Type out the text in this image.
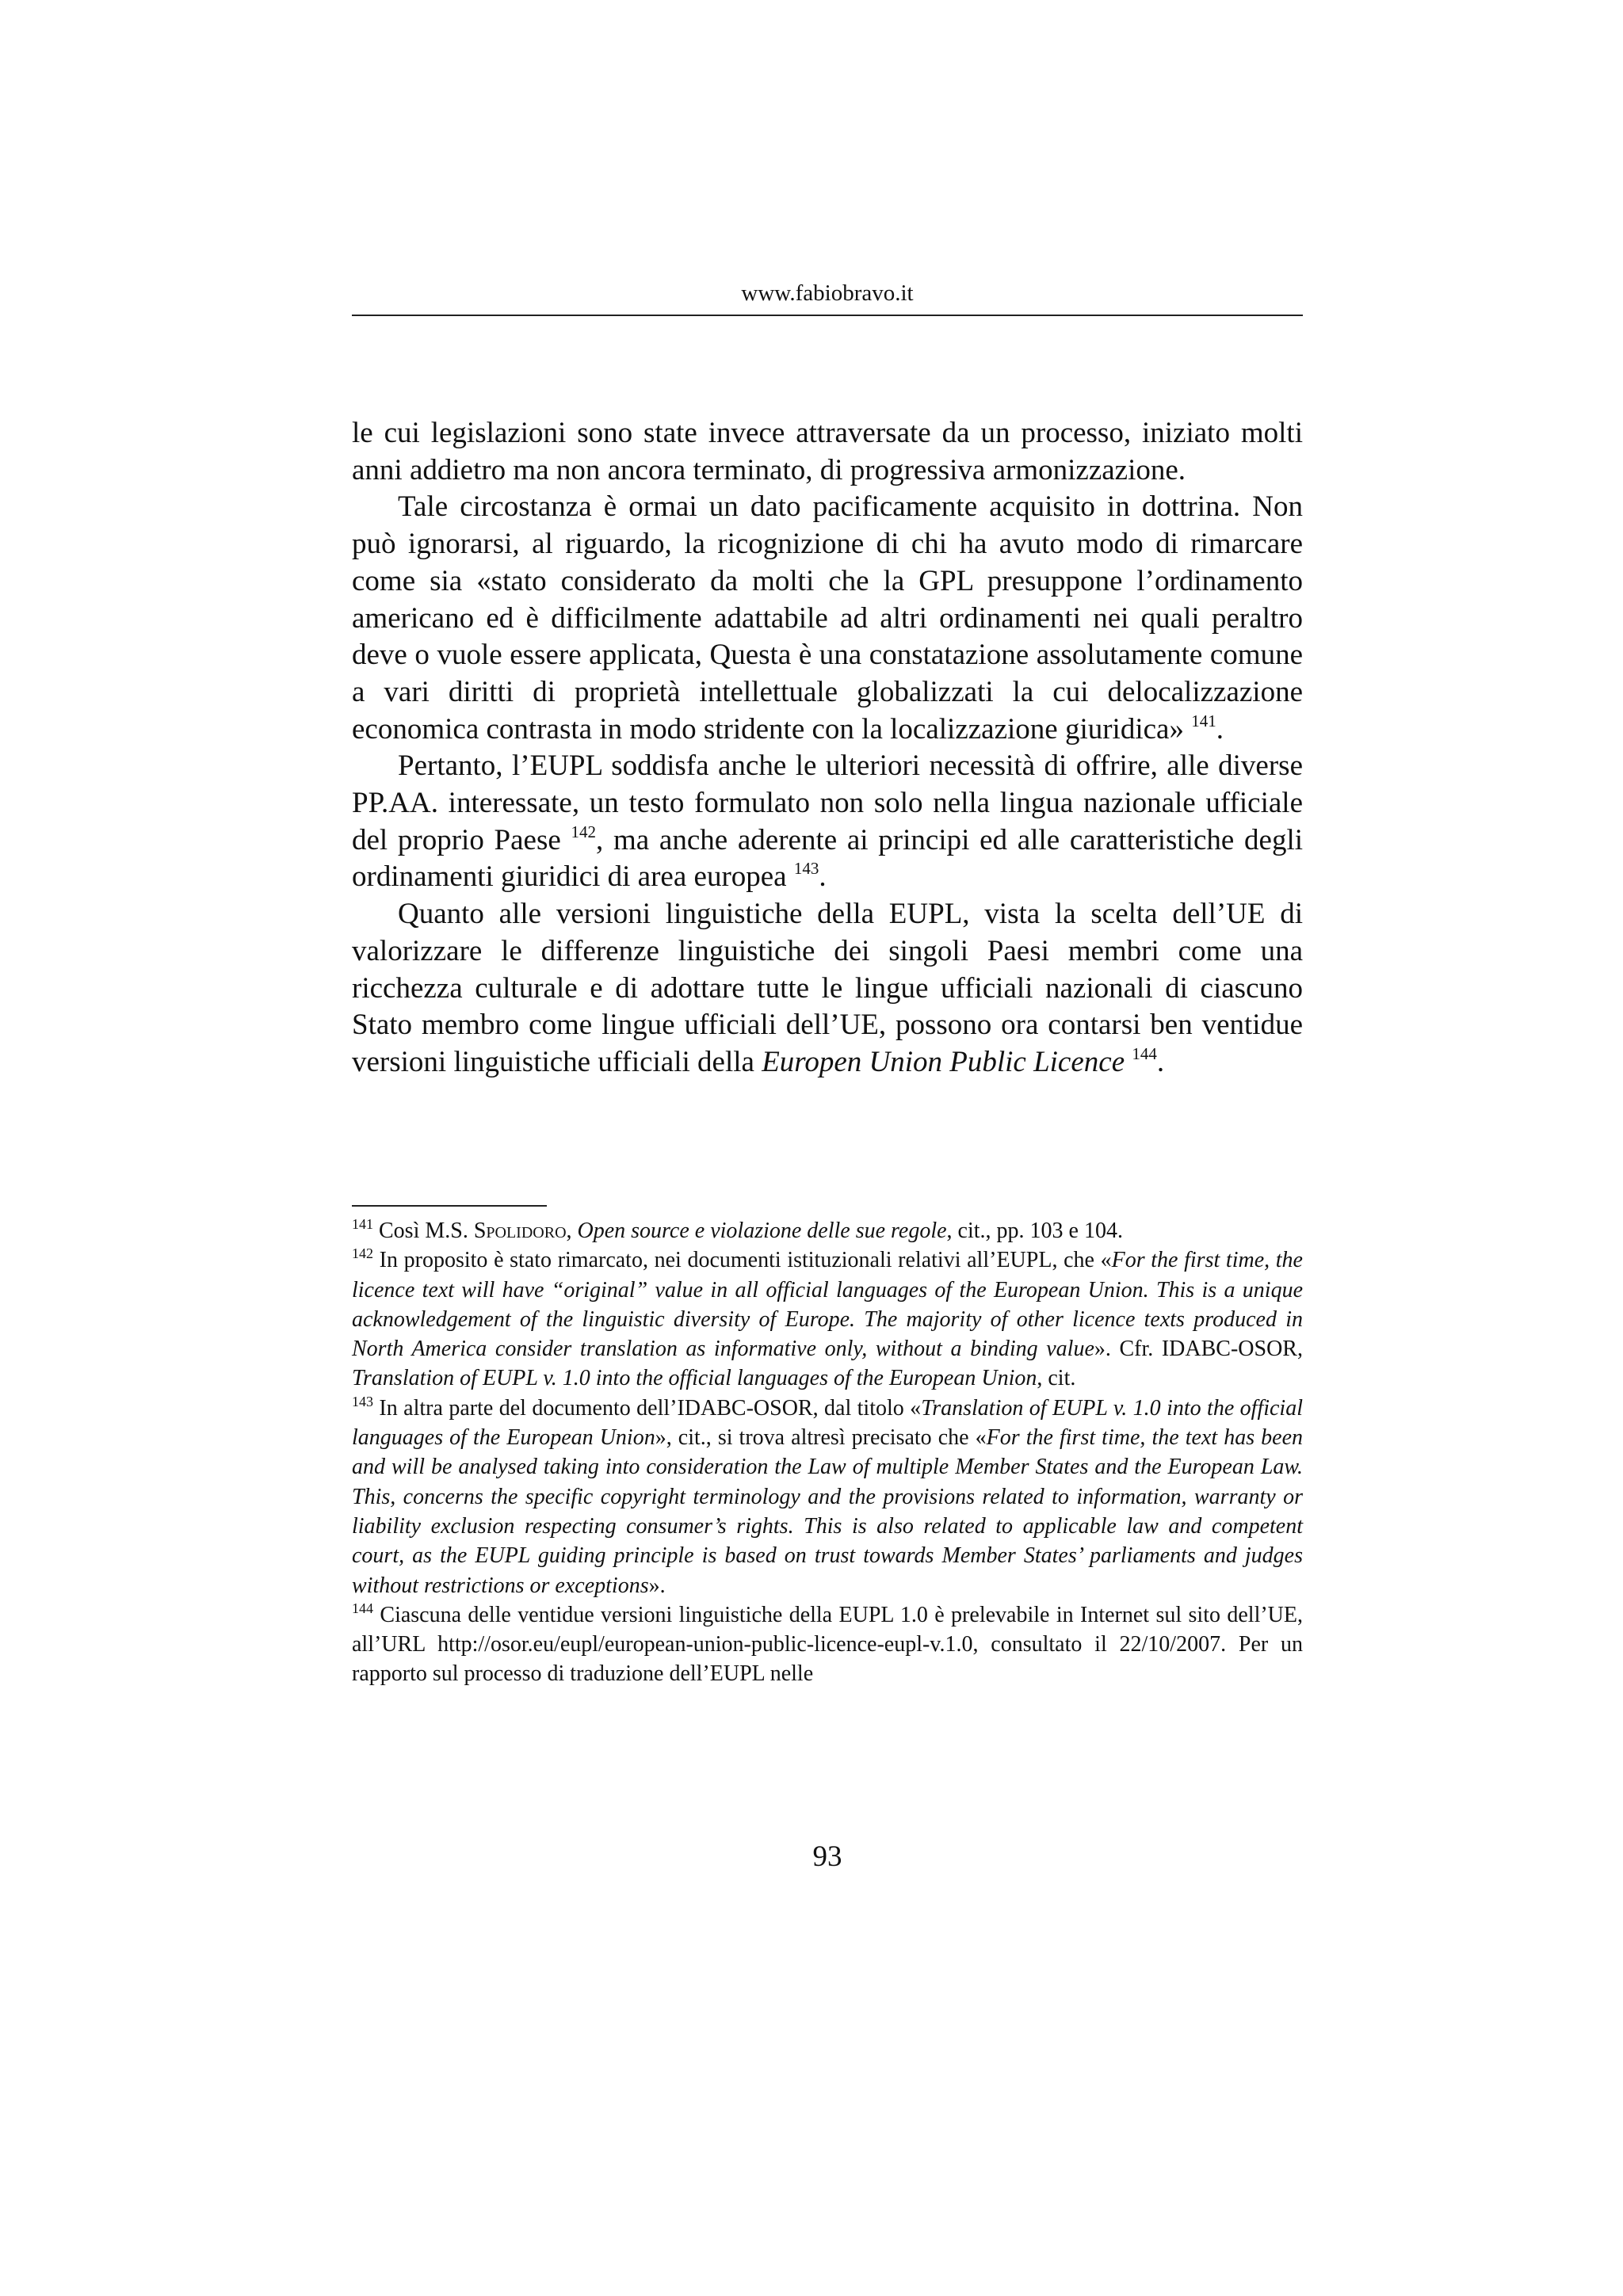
www.fabiobravo.it

le cui legislazioni sono state invece attraversate da un processo, iniziato molti anni addietro ma non ancora terminato, di progressiva armonizzazione.

Tale circostanza è ormai un dato pacificamente acquisito in dottrina. Non può ignorarsi, al riguardo, la ricognizione di chi ha avuto modo di rimarcare come sia «stato considerato da molti che la GPL presuppone l’ordinamento americano ed è difficilmente adattabile ad altri ordinamenti nei quali peraltro deve o vuole essere applicata, Questa è una constatazione assolutamente comune a vari diritti di proprietà intellettuale globalizzati la cui delocalizzazione economica contrasta in modo stridente con la localizzazione giuridica» $^{141}$.

Pertanto, l’EUPL soddisfa anche le ulteriori necessità di offrire, alle diverse PP.AA. interessate, un testo formulato non solo nella lingua nazionale ufficiale del proprio Paese $^{142}$, ma anche aderente ai principi ed alle caratteristiche degli ordinamenti giuridici di area europea $^{143}$.

Quanto alle versioni linguistiche della EUPL, vista la scelta dell’UE di valorizzare le differenze linguistiche dei singoli Paesi membri come una ricchezza culturale e di adottare tutte le lingue ufficiali nazionali di ciascuno Stato membro come lingue ufficiali dell’UE, possono ora contarsi ben ventidue versioni linguistiche ufficiali della Europen Union Public Licence $^{144}$.

$^{141}$ Così M.S. Spolidoro, Open source e violazione delle sue regole, cit., pp. 103 e 104.

$^{142}$ In proposito è stato rimarcato, nei documenti istituzionali relativi all’EUPL, che «For the first time, the licence text will have “original” value in all official languages of the European Union. This is a unique acknowledgement of the linguistic diversity of Europe. The majority of other licence texts produced in North America consider translation as informative only, without a binding value». Cfr. IDABC-OSOR, Translation of EUPL v. 1.0 into the official languages of the European Union, cit.

$^{143}$ In altra parte del documento dell’IDABC-OSOR, dal titolo «Translation of EUPL v. 1.0 into the official languages of the European Union», cit., si trova altresì precisato che «For the first time, the text has been and will be analysed taking into consideration the Law of multiple Member States and the European Law. This, concerns the specific copyright terminology and the provisions related to information, warranty or liability exclusion respecting consumer’s rights. This is also related to applicable law and competent court, as the EUPL guiding principle is based on trust towards Member States’ parliaments and judges without restrictions or exceptions».

$^{144}$ Ciascuna delle ventidue versioni linguistiche della EUPL 1.0 è prelevabile in Internet sul sito dell’UE, all’URL http://osor.eu/eupl/european-union-public-licence-eupl-v.1.0, consultato il 22/10/2007. Per un rapporto sul processo di traduzione dell’EUPL nelle

93
